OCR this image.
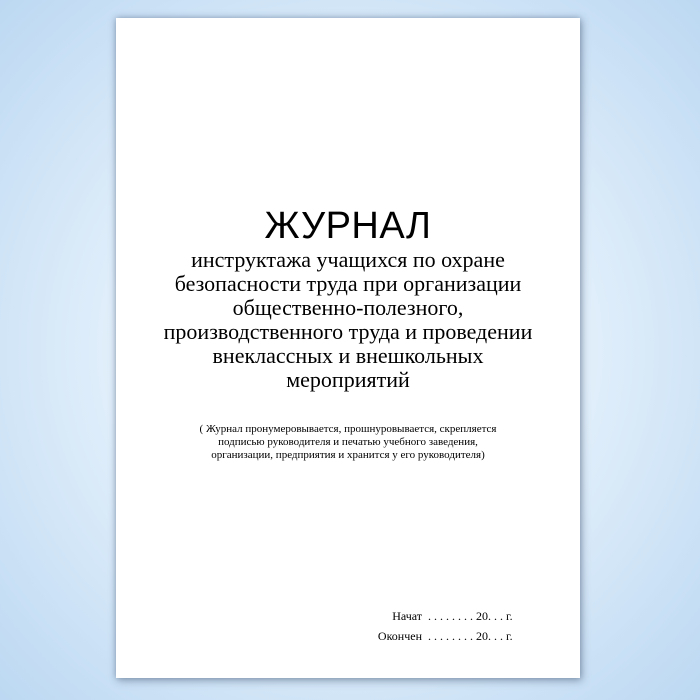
ЖУРНАЛ
инструктажа учащихся по охране
безопасности труда при организации
общественно-полезного,
производственного труда и проведении
внеклассных и внешкольных
мероприятий
( Журнал пронумеровывается, прошнуровывается, скрепляется
подписью руководителя и печатью учебного заведения,
организации, предприятия и хранится у его руководителя)
Начат . . . . . . . . 20. . . г.
Окончен . . . . . . . . 20. . . г.
